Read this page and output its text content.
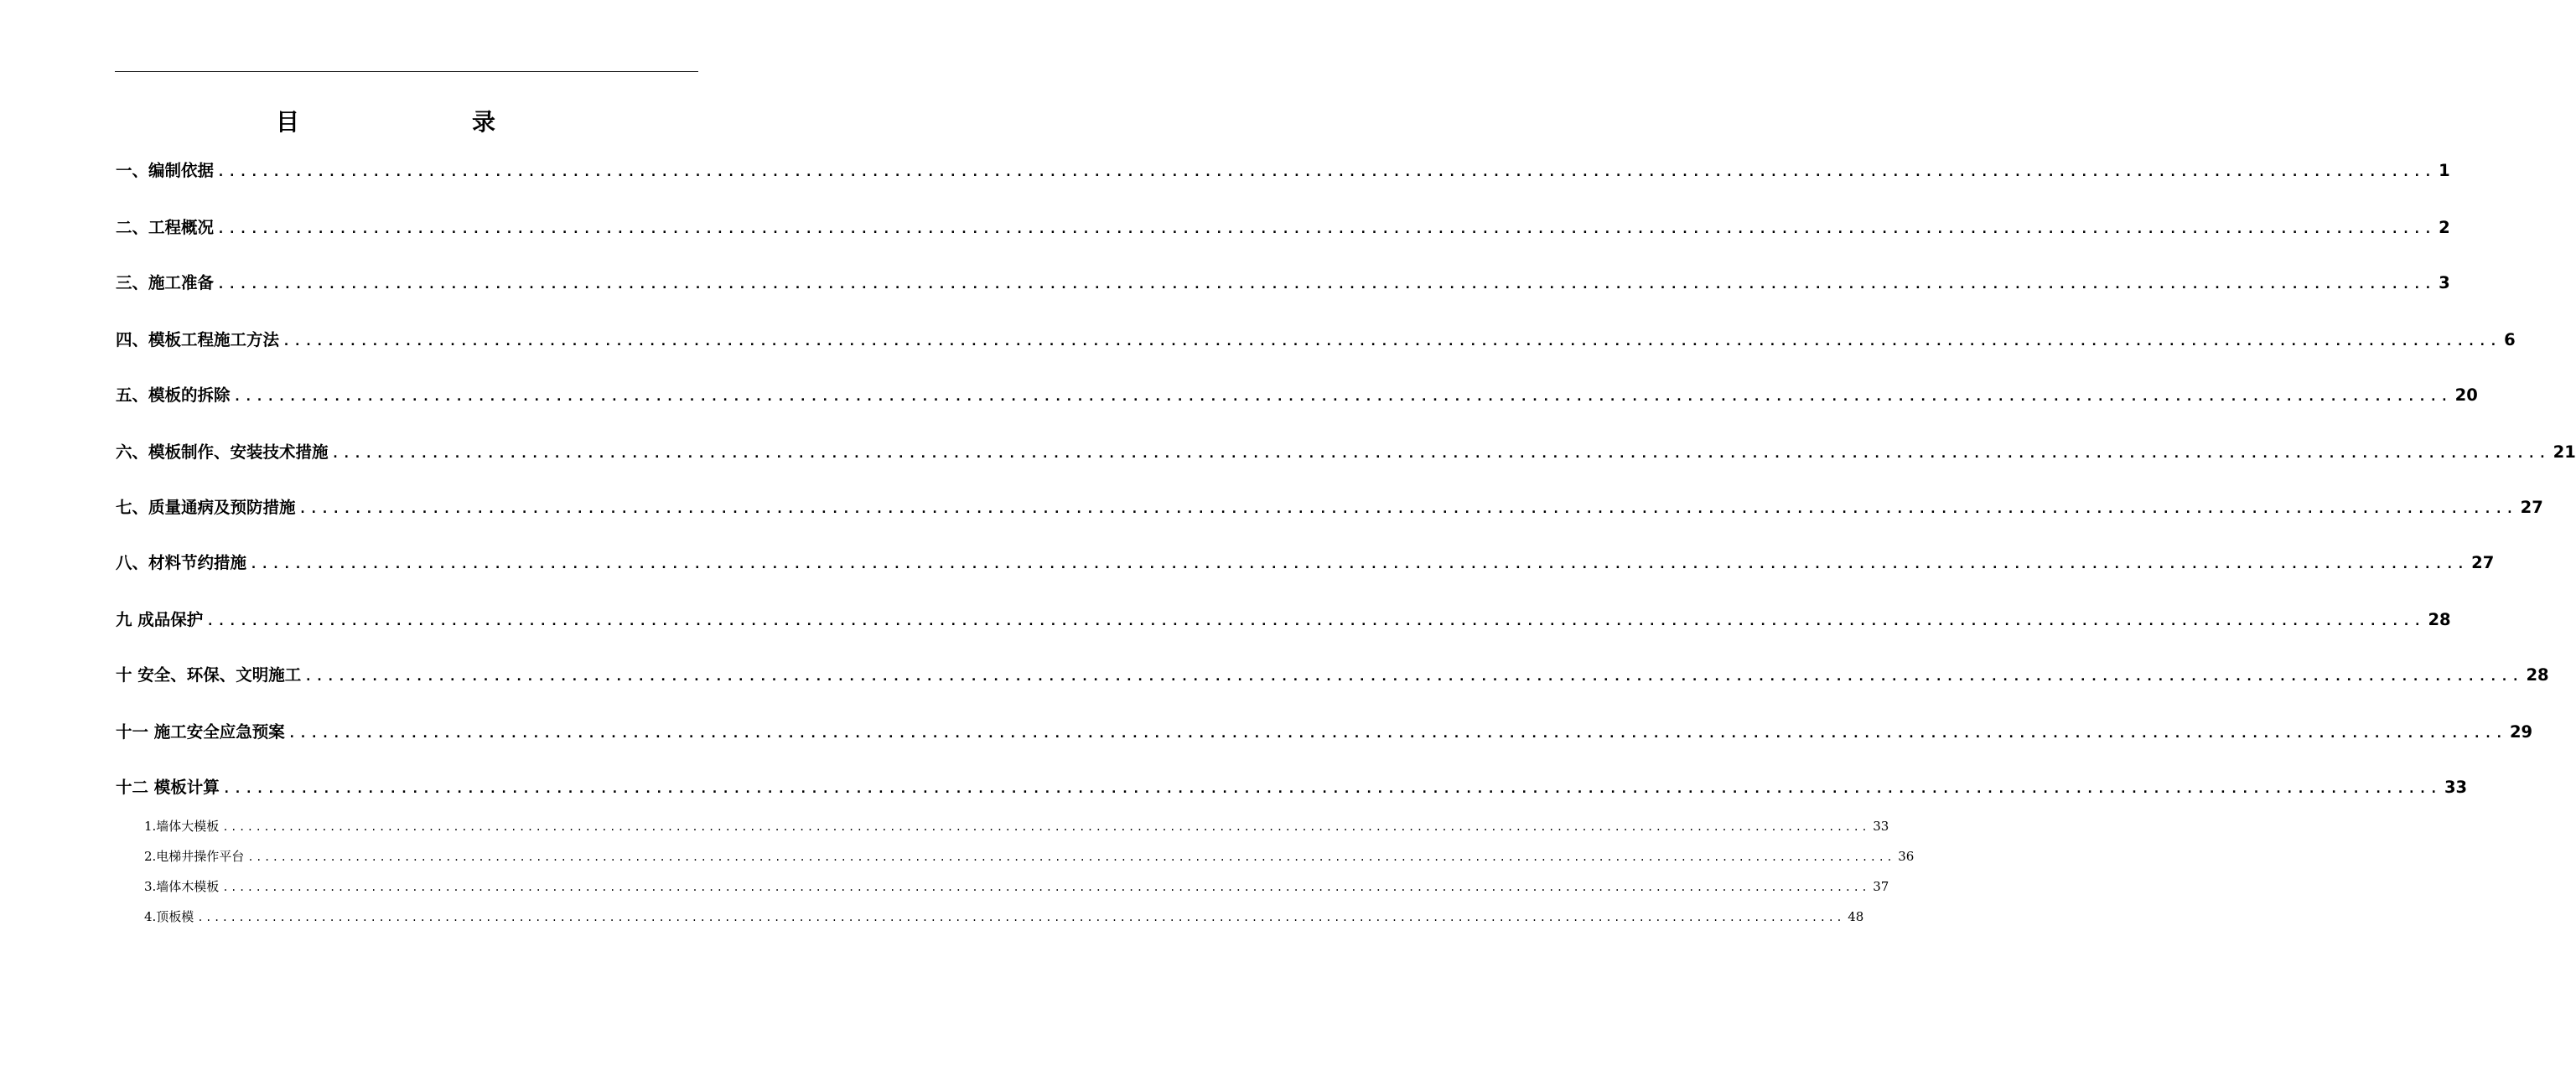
目　　录
一、编制依据 ........................................................................................................................................................................................................ 1
二、工程概况 ........................................................................................................................................................................................................ 2
三、施工准备 ........................................................................................................................................................................................................ 3
四、模板工程施工方法 ........................................................................................................................................................................................................ 6
五、模板的拆除 ........................................................................................................................................................................................................ 20
六、模板制作、安装技术措施 ........................................................................................................................................................................................................ 21
七、质量通病及预防措施 ........................................................................................................................................................................................................ 27
八、材料节约措施 ........................................................................................................................................................................................................ 27
九 成品保护 ........................................................................................................................................................................................................ 28
十 安全、环保、文明施工 ........................................................................................................................................................................................................ 28
十一 施工安全应急预案 ........................................................................................................................................................................................................ 29
十二 模板计算 ........................................................................................................................................................................................................ 33
1.墙体大模板 ........................................................................................................................................................................................................ 33
2.电梯井操作平台 ........................................................................................................................................................................................................ 36
3.墙体木模板 ........................................................................................................................................................................................................ 37
4.顶板模 ........................................................................................................................................................................................................ 48
